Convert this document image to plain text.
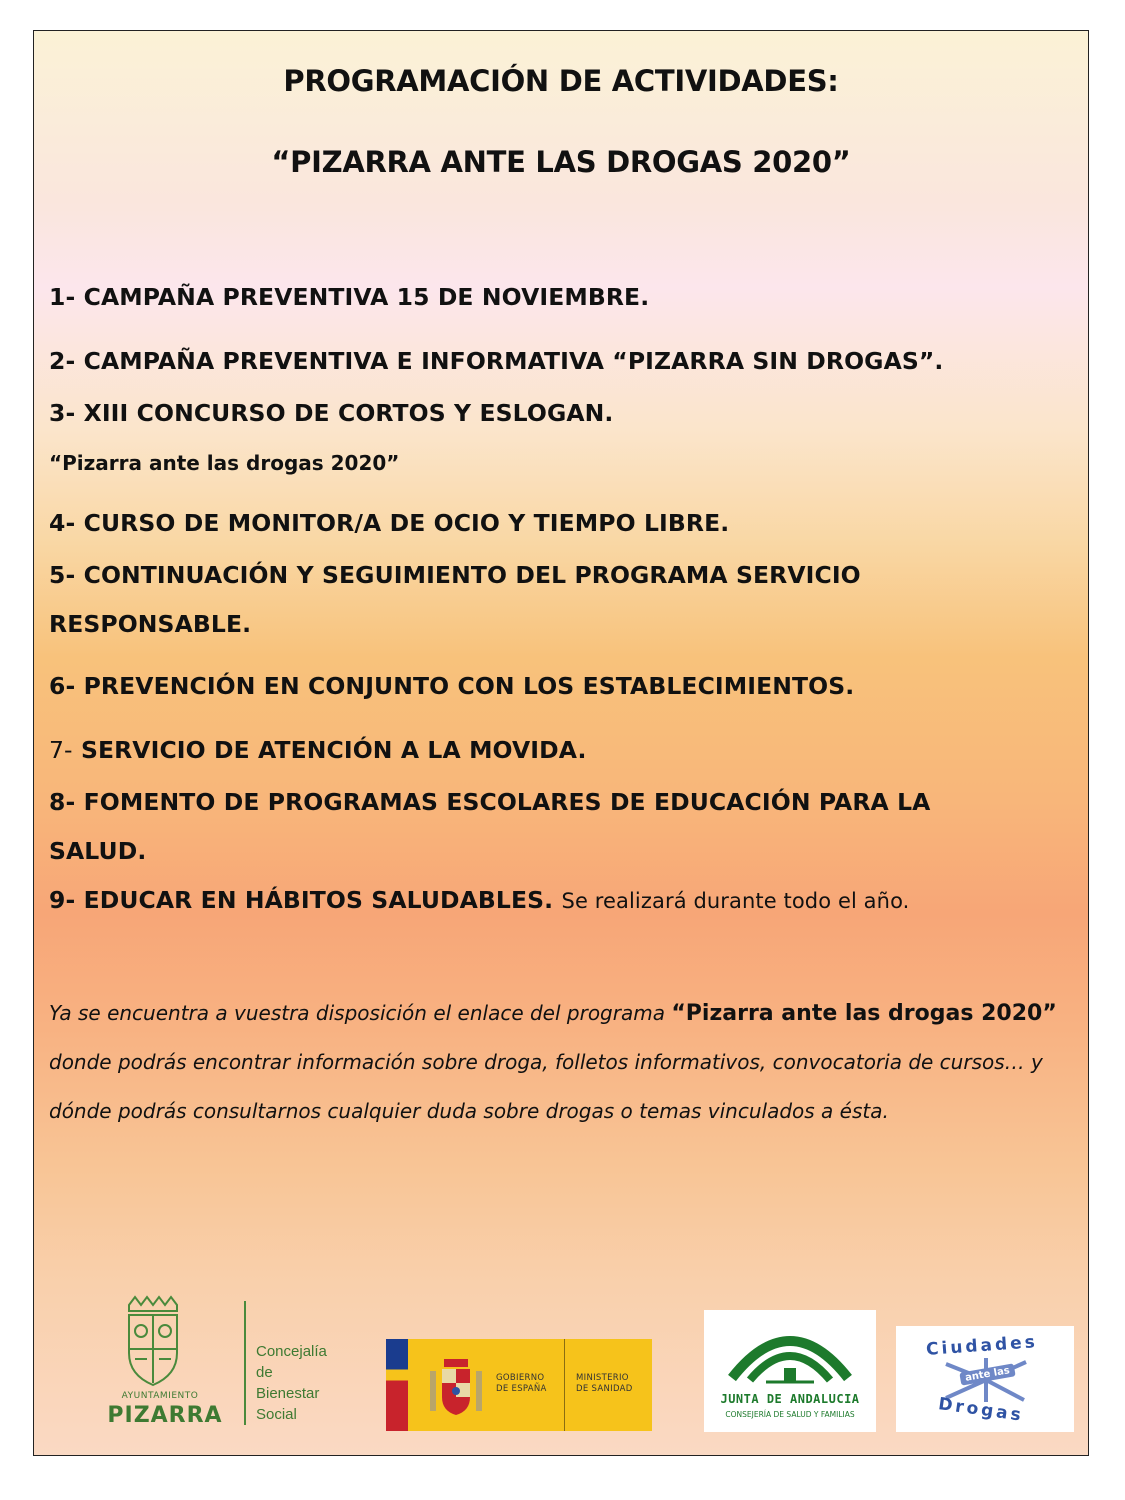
PROGRAMACIÓN DE ACTIVIDADES:
“PIZARRA ANTE LAS DROGAS 2020”
1- CAMPAÑA PREVENTIVA 15 DE NOVIEMBRE.
2- CAMPAÑA PREVENTIVA E INFORMATIVA “PIZARRA SIN DROGAS”.
3- XIII CONCURSO DE CORTOS Y ESLOGAN.
“Pizarra ante las drogas 2020”
4- CURSO DE MONITOR/A DE OCIO Y TIEMPO LIBRE.
5- CONTINUACIÓN Y SEGUIMIENTO DEL PROGRAMA SERVICIO
RESPONSABLE.
6- PREVENCIÓN EN CONJUNTO CON LOS ESTABLECIMIENTOS.
7- SERVICIO DE ATENCIÓN A LA MOVIDA.
8- FOMENTO DE PROGRAMAS ESCOLARES DE EDUCACIÓN PARA LA
SALUD.
9- EDUCAR EN HÁBITOS SALUDABLES. Se realizará durante todo el año.
Ya se encuentra a vuestra disposición el enlace del programa “Pizarra ante las drogas 2020”
donde podrás encontrar información sobre droga, folletos informativos, convocatoria de cursos… y
dónde podrás consultarnos cualquier duda sobre drogas o temas vinculados a ésta.
Concejalía de
Bienestar Social
AYUNTAMIENTO
PIZARRA
GOBIERNO
DE ESPAÑA
MINISTERIO
DE SANIDAD
JUNTA DE ANDALUCIA
CONSEJERÍA DE SALUD Y FAMILIAS
Ciudades
ante las
Drogas
